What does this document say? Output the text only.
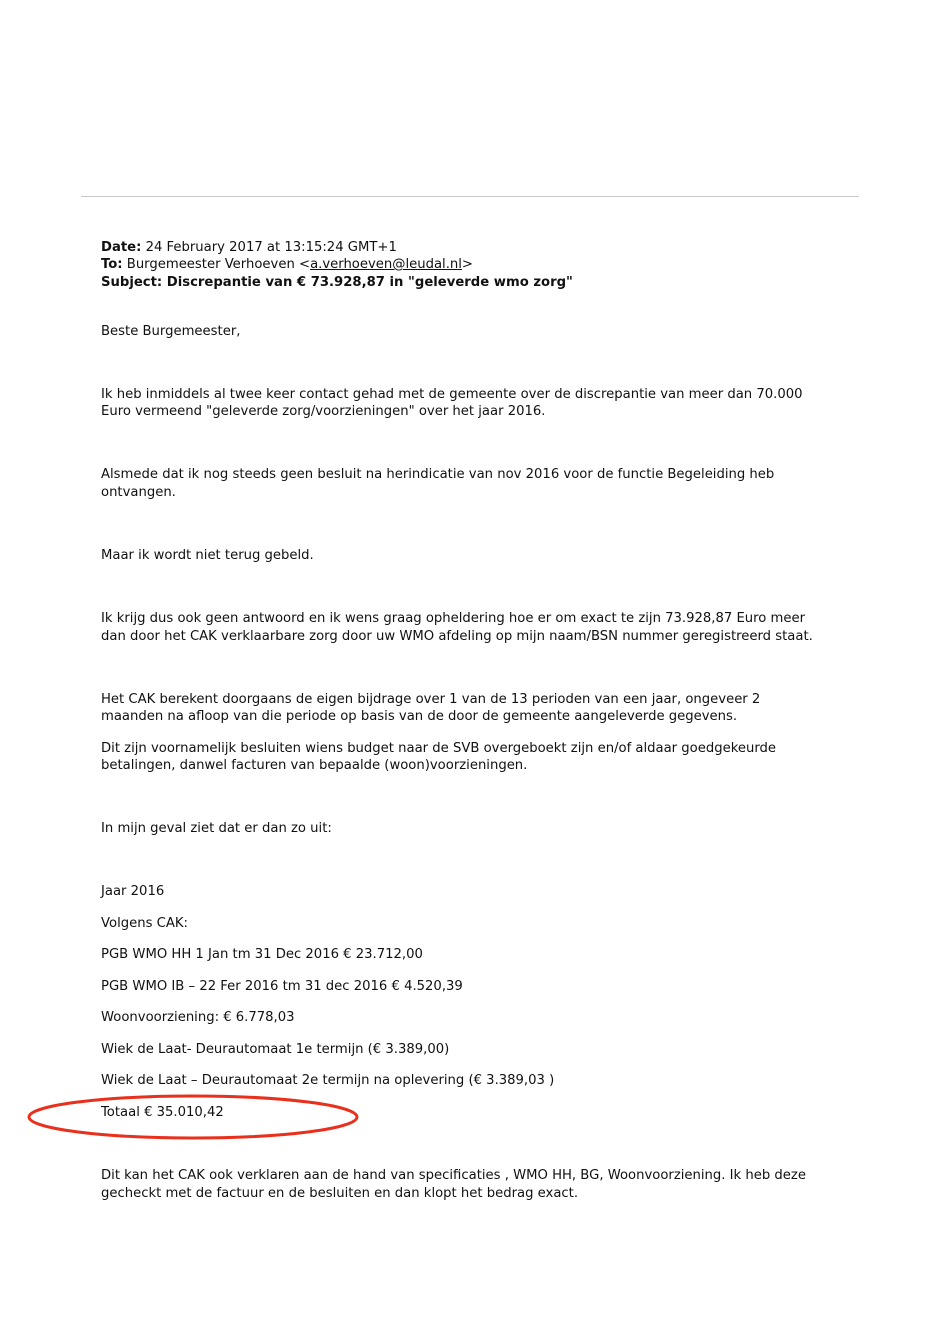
Date: 24 February 2017 at 13:15:24 GMT+1
To: Burgemeester Verhoeven <a.verhoeven@leudal.nl>
Subject: Discrepantie van € 73.928,87 in "geleverde wmo zorg"
Beste Burgemeester,
Ik heb inmiddels al twee keer contact gehad met de gemeente over de discrepantie van meer dan 70.000
Euro vermeend "geleverde zorg/voorzieningen" over het jaar 2016.
Alsmede dat ik nog steeds geen besluit na herindicatie van nov 2016 voor de functie Begeleiding heb
ontvangen.
Maar ik wordt niet terug gebeld.
Ik krijg dus ook geen antwoord en ik wens graag opheldering hoe er om exact te zijn 73.928,87 Euro meer
dan door het CAK verklaarbare zorg door uw WMO afdeling op mijn naam/BSN nummer geregistreerd staat.
Het CAK berekent doorgaans de eigen bijdrage over 1 van de 13 perioden van een jaar, ongeveer 2
maanden na afloop van die periode op basis van de door de gemeente aangeleverde gegevens.
Dit zijn voornamelijk besluiten wiens budget naar de SVB overgeboekt zijn en/of aldaar goedgekeurde
betalingen, danwel facturen van bepaalde (woon)voorzieningen.
In mijn geval ziet dat er dan zo uit:
Jaar 2016
Volgens CAK:
PGB WMO HH 1 Jan tm 31 Dec 2016 € 23.712,00
PGB WMO IB – 22 Fer 2016 tm 31 dec 2016 € 4.520,39
Woonvoorziening: € 6.778,03
Wiek de Laat- Deurautomaat 1e termijn (€ 3.389,00)
Wiek de Laat – Deurautomaat 2e termijn na oplevering (€ 3.389,03 )
Totaal € 35.010,42
Dit kan het CAK ook verklaren aan de hand van specificaties , WMO HH, BG, Woonvoorziening. Ik heb deze
gecheckt met de factuur en de besluiten en dan klopt het bedrag exact.
